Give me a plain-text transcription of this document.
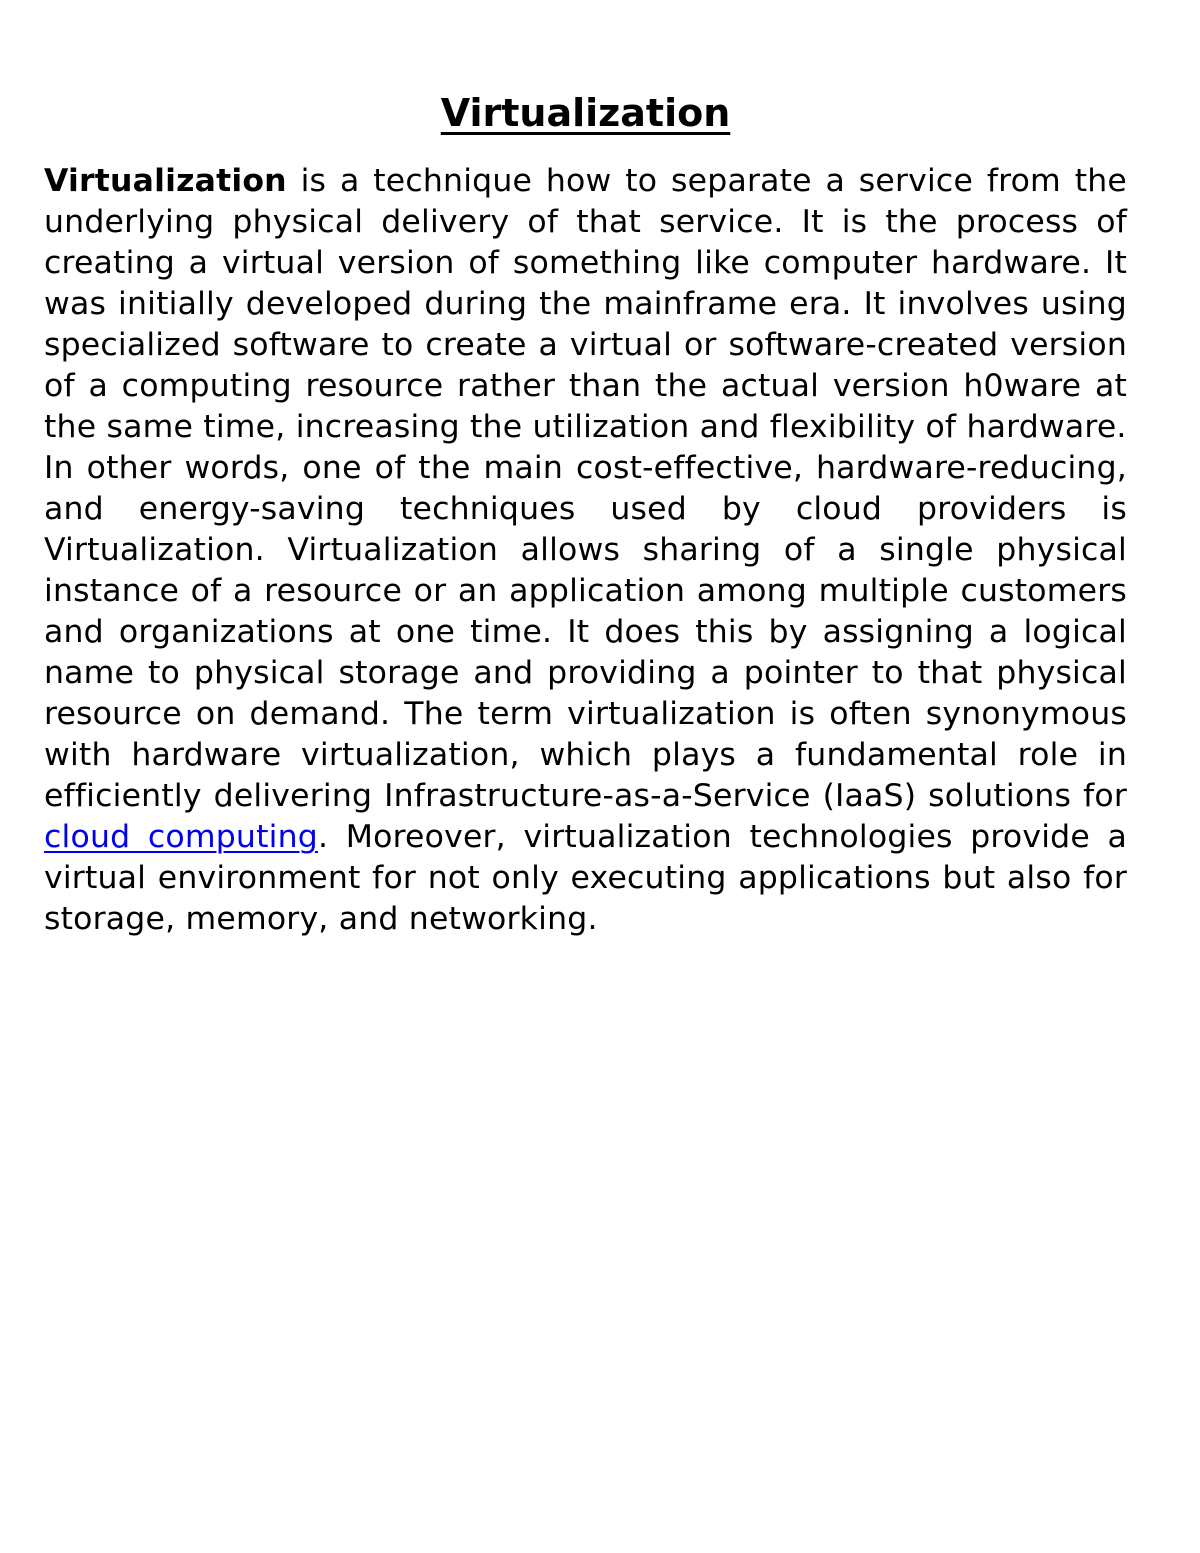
Virtualization

Virtualization is a technique how to separate a service from the underlying physical delivery of that service. It is the process of creating a virtual version of something like computer hardware. It was initially developed during the mainframe era. It involves using specialized software to create a virtual or software-created version of a computing resource rather than the actual version h0ware at the same time, increasing the utilization and flexibility of hardware.

In other words, one of the main cost-effective, hardware-reducing, and energy-saving techniques used by cloud providers is Virtualization. Virtualization allows sharing of a single physical instance of a resource or an application among multiple customers and organizations at one time. It does this by assigning a logical name to physical storage and providing a pointer to that physical resource on demand. The term virtualization is often synonymous with hardware virtualization, which plays a fundamental role in efficiently delivering Infrastructure-as-a-Service (IaaS) solutions for cloud computing. Moreover, virtualization technologies provide a virtual environment for not only executing applications but also for storage, memory, and networking.
